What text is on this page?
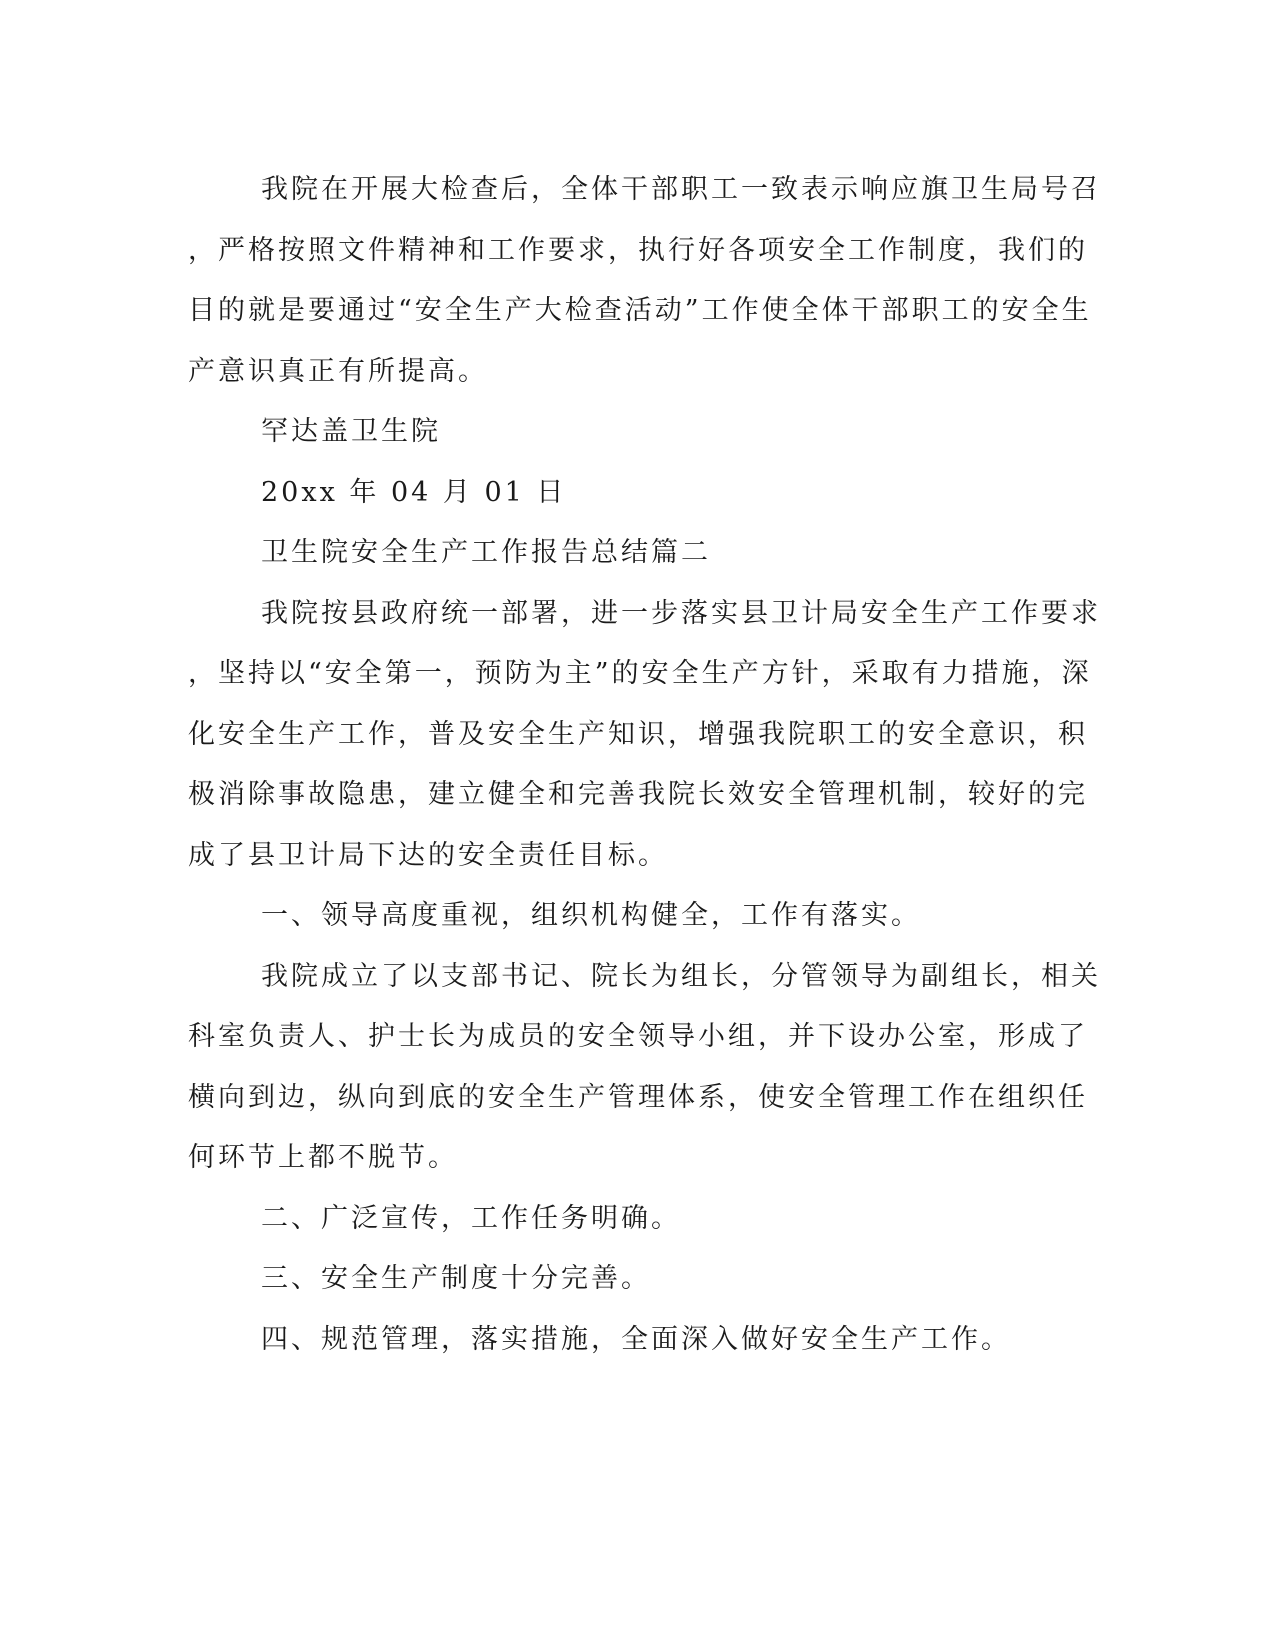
我院在开展大检查后，全体干部职工一致表示响应旗卫生局号召
，严格按照文件精神和工作要求，执行好各项安全工作制度，我们的
目的就是要通过“安全生产大检查活动”工作使全体干部职工的安全生
产意识真正有所提高。
罕达盖卫生院
20xx 年 04 月 01 日
卫生院安全生产工作报告总结篇二
我院按县政府统一部署，进一步落实县卫计局安全生产工作要求
，坚持以“安全第一，预防为主”的安全生产方针，采取有力措施，深
化安全生产工作，普及安全生产知识，增强我院职工的安全意识，积
极消除事故隐患，建立健全和完善我院长效安全管理机制，较好的完
成了县卫计局下达的安全责任目标。
一、领导高度重视，组织机构健全，工作有落实。
我院成立了以支部书记、院长为组长，分管领导为副组长，相关
科室负责人、护士长为成员的安全领导小组，并下设办公室，形成了
横向到边，纵向到底的安全生产管理体系，使安全管理工作在组织任
何环节上都不脱节。
二、广泛宣传，工作任务明确。
三、安全生产制度十分完善。
四、规范管理，落实措施，全面深入做好安全生产工作。
